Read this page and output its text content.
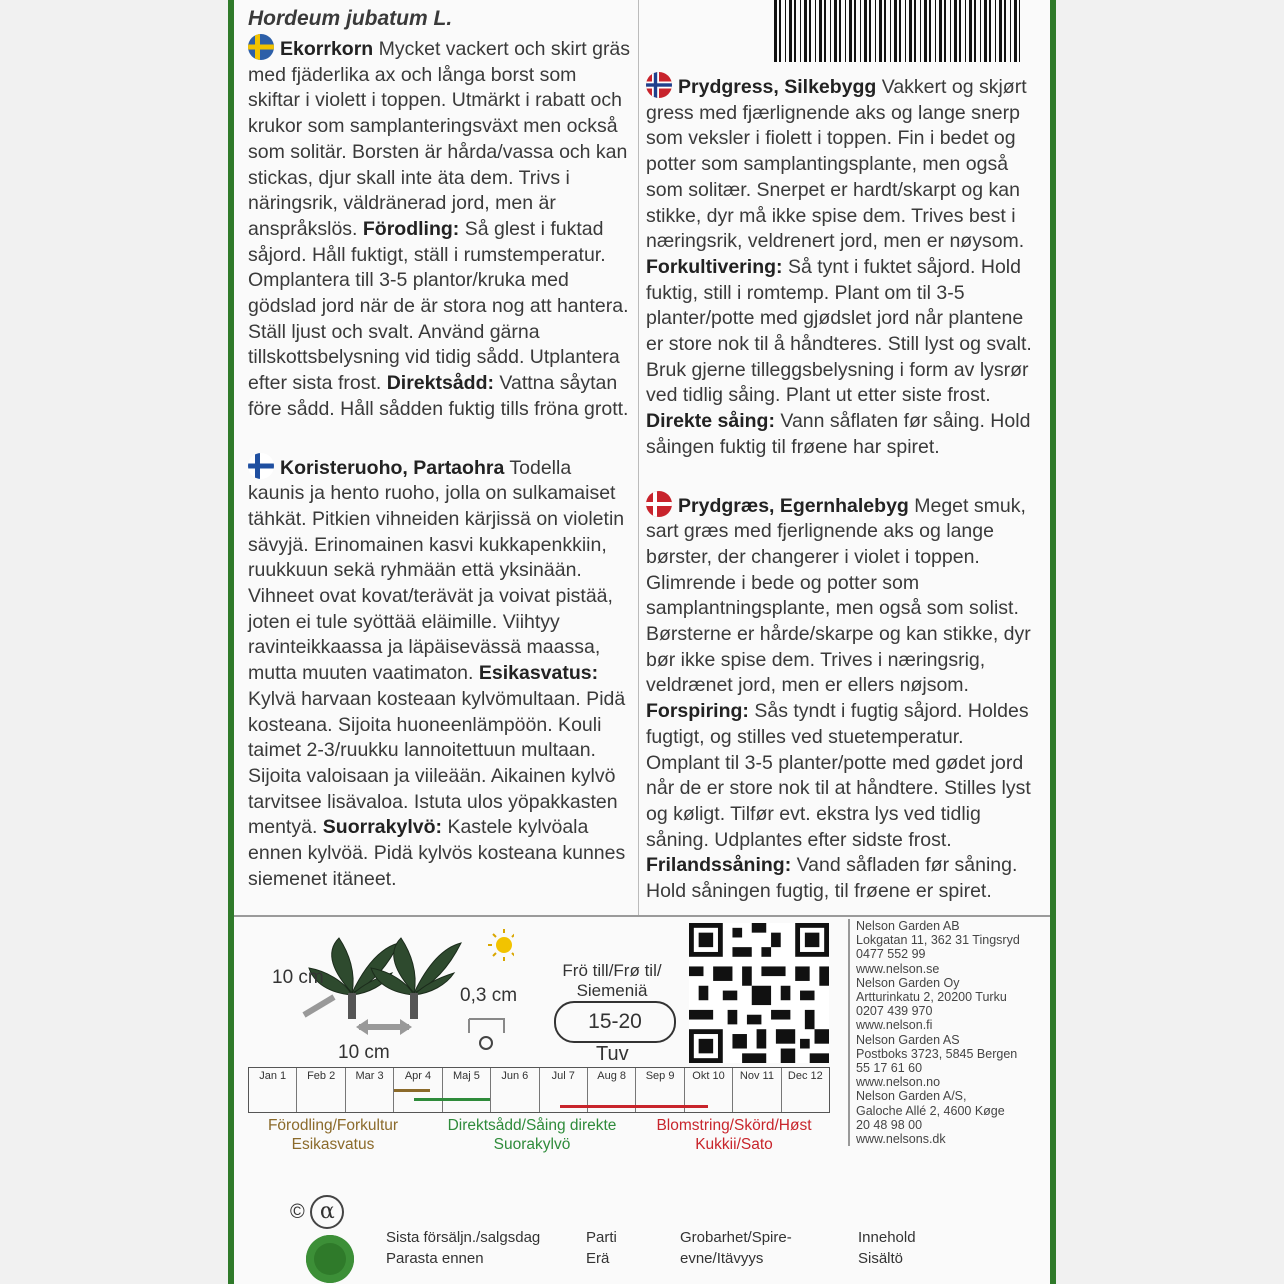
Hordeum jubatum L.

Ekorrkorn Mycket vackert och skirt gräs med fjäderlika ax och långa borst som skiftar i violett i toppen. Utmärkt i rabatt och krukor som samplanteringsväxt men också som solitär. Borsten är hårda/vassa och kan stickas, djur skall inte äta dem. Trivs i näringsrik, väldränerad jord, men är anspråkslös. Förodling: Så glest i fuktad såjord. Håll fuktigt, ställ i rumstemperatur. Omplantera till 3-5 plantor/kruka med gödslad jord när de är stora nog att hantera. Ställ ljust och svalt. Använd gärna tillskottsbelysning vid tidig sådd. Utplantera efter sista frost. Direktsådd: Vattna såytan före sådd. Håll sådden fuktig tills fröna grott.

Koristeruoho, Partaohra Todella kaunis ja hento ruoho, jolla on sulkamaiset tähkät. Pitkien vihneiden kärjissä on violetin sävyjä. Erinomainen kasvi kukkapenkkiin, ruukkuun sekä ryhmään että yksinään. Vihneet ovat kovat/terävät ja voivat pistää, joten ei tule syöttää eläimille. Viihtyy ravinteikkaassa ja läpäisevässä maassa, mutta muuten vaatimaton. Esikasvatus: Kylvä harvaan kosteaan kylvömultaan. Pidä kosteana. Sijoita huoneenlämpöön. Kouli taimet 2-3/ruukku lannoitettuun multaan. Sijoita valoisaan ja viileään. Aikainen kylvö tarvitsee lisävaloa. Istuta ulos yöpakkasten mentyä. Suorrakylvö: Kastele kylvöala ennen kylvöä. Pidä kylvös kosteana kunnes siemenet itäneet.

Prydgress, Silkebygg Vakkert og skjørt gress med fjærlignende aks og lange snerp som veksler i fiolett i toppen. Fin i bedet og potter som samplantingsplante, men også som solitær. Snerpet er hardt/skarpt og kan stikke, dyr må ikke spise dem. Trives best i næringsrik, veldrenert jord, men er nøysom. Forkultivering: Så tynt i fuktet såjord. Hold fuktig, still i romtemp. Plant om til 3-5 planter/potte med gjødslet jord når plantene er store nok til å håndteres. Still lyst og svalt. Bruk gjerne tilleggsbelysning i form av lysrør ved tidlig såing. Plant ut etter siste frost. Direkte såing: Vann såflaten før såing. Hold såingen fuktig til frøene har spiret.

Prydgræs, Egernhalebyg Meget smuk, sart græs med fjerlignende aks og lange børster, der changerer i violet i toppen. Glimrende i bede og potter som samplantningsplante, men også som solist. Børsterne er hårde/skarpe og kan stikke, dyr bør ikke spise dem. Trives i næringsrig, veldrænet jord, men er ellers nøjsom. Forspiring: Sås tyndt i fugtig såjord. Holdes fugtigt, og stilles ved stuetemperatur. Omplant til 3-5 planter/potte med gødet jord når de er store nok til at håndtere. Stilles lyst og køligt. Tilfør evt. ekstra lys ved tidlig såning. Udplantes efter sidste frost. Frilandssåning: Vand såfladen før såning. Hold såningen fugtig, til frøene er spiret.

10 cm
10 cm
0,3 cm
Frö till/Frø til/ Siemeniä
15-20
Tuv
Nelson Garden AB
Lokgatan 11, 362 31 Tingsryd
0477 552 99
www.nelson.se
Nelson Garden Oy
Artturinkatu 2, 20200 Turku
0207 439 970
www.nelson.fi
Nelson Garden AS
Postboks 3723, 5845 Bergen
55 17 61 60
www.nelson.no
Nelson Garden A/S,
Galoche Allé 2, 4600 Køge
20 48 98 00
www.nelsons.dk
Jan 1	Feb 2	Mar 3	Apr 4	Maj 5	Jun 6	Jul 7	Aug 8	Sep 9	Okt 10	Nov 11	Dec 12
Förodling/Forkultur Esikasvatus
Direktsådd/Såing direkte Suorakylvö
Blomstring/Skörd/Høst Kukkii/Sato
© α
Sista försäljn./salgsdag Parasta ennen
Parti Erä
Grobarhet/Spire-evne/Itävyys
Innehold Sisältö
